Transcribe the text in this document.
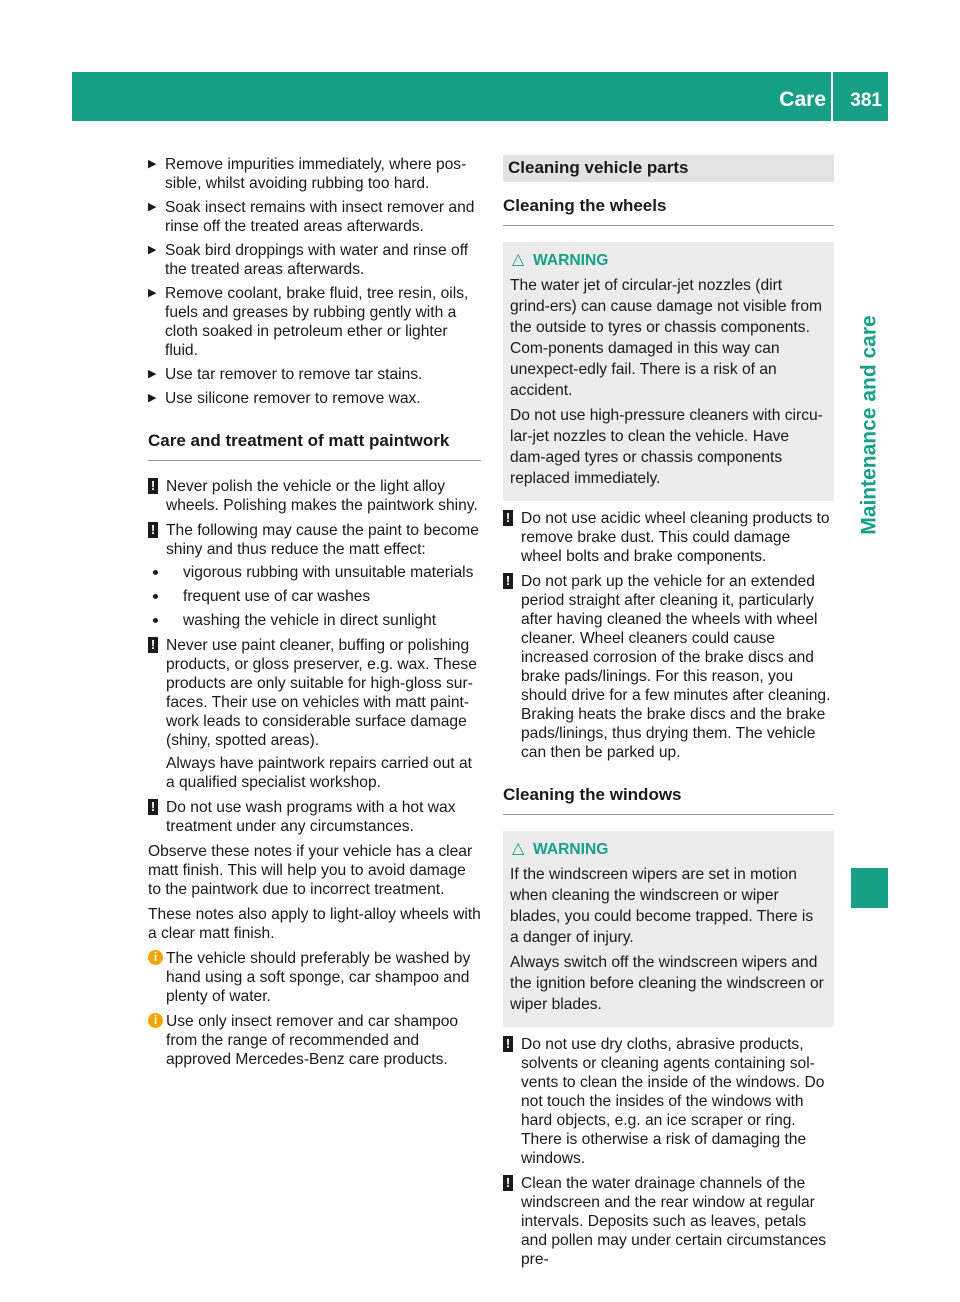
Care 381
Maintenance and care
▶ Remove impurities immediately, where pos-sible, whilst avoiding rubbing too hard.
▶ Soak insect remains with insect remover and rinse off the treated areas afterwards.
▶ Soak bird droppings with water and rinse off the treated areas afterwards.
▶ Remove coolant, brake fluid, tree resin, oils, fuels and greases by rubbing gently with a cloth soaked in petroleum ether or lighter fluid.
▶ Use tar remover to remove tar stains.
▶ Use silicone remover to remove wax.
Care and treatment of matt paintwork
! Never polish the vehicle or the light alloy wheels. Polishing makes the paintwork shiny.
! The following may cause the paint to become shiny and thus reduce the matt effect:
vigorous rubbing with unsuitable materials
frequent use of car washes
washing the vehicle in direct sunlight
! Never use paint cleaner, buffing or polishing products, or gloss preserver, e.g. wax. These products are only suitable for high-gloss sur-faces. Their use on vehicles with matt paint-work leads to considerable surface damage (shiny, spotted areas).
Always have paintwork repairs carried out at a qualified specialist workshop.
! Do not use wash programs with a hot wax treatment under any circumstances.

Observe these notes if your vehicle has a clear matt finish. This will help you to avoid damage to the paintwork due to incorrect treatment.

These notes also apply to light-alloy wheels with a clear matt finish.

i The vehicle should preferably be washed by hand using a soft sponge, car shampoo and plenty of water.
i Use only insect remover and car shampoo from the range of recommended and approved Mercedes-Benz care products.
Cleaning vehicle parts
Cleaning the wheels
△ WARNING

The water jet of circular-jet nozzles (dirt grind-ers) can cause damage not visible from the outside to tyres or chassis components. Com-ponents damaged in this way can unexpect-edly fail. There is a risk of an accident.

Do not use high-pressure cleaners with circu-lar-jet nozzles to clean the vehicle. Have dam-aged tyres or chassis components replaced immediately.

! Do not use acidic wheel cleaning products to remove brake dust. This could damage wheel bolts and brake components.
! Do not park up the vehicle for an extended period straight after cleaning it, particularly after having cleaned the wheels with wheel cleaner. Wheel cleaners could cause increased corrosion of the brake discs and brake pads/linings. For this reason, you should drive for a few minutes after cleaning. Braking heats the brake discs and the brake pads/linings, thus drying them. The vehicle can then be parked up.
Cleaning the windows
△ WARNING

If the windscreen wipers are set in motion when cleaning the windscreen or wiper blades, you could become trapped. There is a danger of injury.

Always switch off the windscreen wipers and the ignition before cleaning the windscreen or wiper blades.

! Do not use dry cloths, abrasive products, solvents or cleaning agents containing sol-vents to clean the inside of the windows. Do not touch the insides of the windows with hard objects, e.g. an ice scraper or ring. There is otherwise a risk of damaging the windows.
! Clean the water drainage channels of the windscreen and the rear window at regular intervals. Deposits such as leaves, petals and pollen may under certain circumstances pre-
